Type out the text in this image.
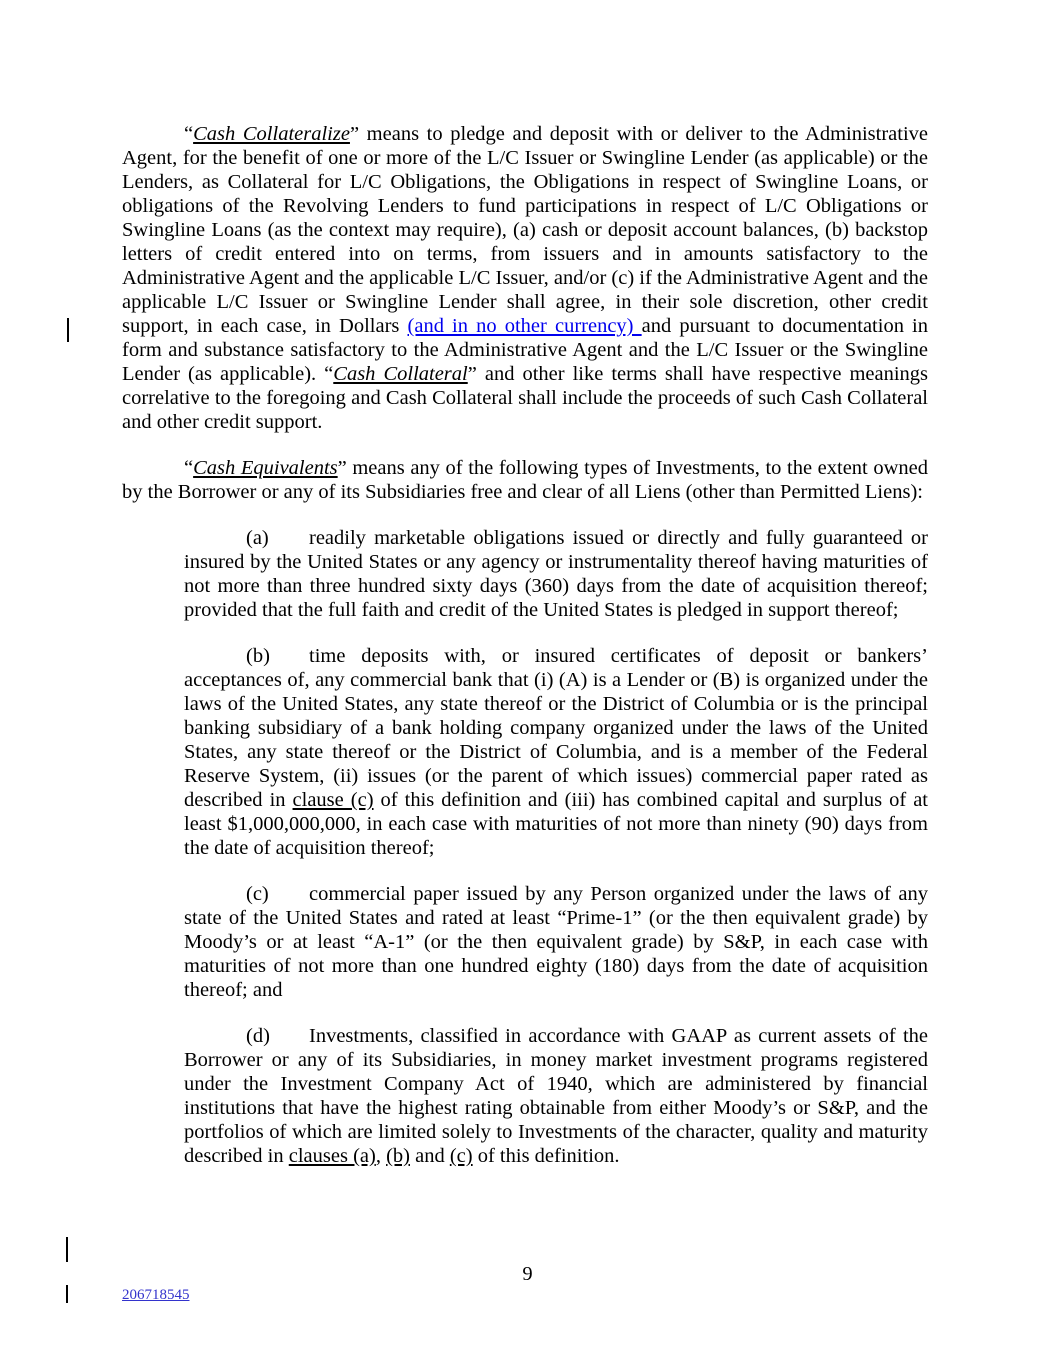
“Cash Collateralize” means to pledge and deposit with or deliver to the Administrative Agent, for the benefit of one or more of the L/C Issuer or Swingline Lender (as applicable) or the Lenders, as Collateral for L/C Obligations, the Obligations in respect of Swingline Loans, or obligations of the Revolving Lenders to fund participations in respect of L/C Obligations or Swingline Loans (as the context may require), (a) cash or deposit account balances, (b) backstop letters of credit entered into on terms, from issuers and in amounts satisfactory to the Administrative Agent and the applicable L/C Issuer, and/or (c) if the Administrative Agent and the applicable L/C Issuer or Swingline Lender shall agree, in their sole discretion, other credit support, in each case, in Dollars (and in no other currency) and pursuant to documentation in form and substance satisfactory to the Administrative Agent and the L/C Issuer or the Swingline Lender (as applicable). “Cash Collateral” and other like terms shall have respective meanings correlative to the foregoing and Cash Collateral shall include the proceeds of such Cash Collateral and other credit support.

“Cash Equivalents” means any of the following types of Investments, to the extent owned by the Borrower or any of its Subsidiaries free and clear of all Liens (other than Permitted Liens):

(a) readily marketable obligations issued or directly and fully guaranteed or insured by the United States or any agency or instrumentality thereof having maturities of not more than three hundred sixty days (360) days from the date of acquisition thereof; provided that the full faith and credit of the United States is pledged in support thereof;

(b) time deposits with, or insured certificates of deposit or bankers’ acceptances of, any commercial bank that (i) (A) is a Lender or (B) is organized under the laws of the United States, any state thereof or the District of Columbia or is the principal banking subsidiary of a bank holding company organized under the laws of the United States, any state thereof or the District of Columbia, and is a member of the Federal Reserve System, (ii) issues (or the parent of which issues) commercial paper rated as described in clause (c) of this definition and (iii) has combined capital and surplus of at least $1,000,000,000, in each case with maturities of not more than ninety (90) days from the date of acquisition thereof;

(c) commercial paper issued by any Person organized under the laws of any state of the United States and rated at least “Prime-1” (or the then equivalent grade) by Moody’s or at least “A-1” (or the then equivalent grade) by S&P, in each case with maturities of not more than one hundred eighty (180) days from the date of acquisition thereof; and

(d) Investments, classified in accordance with GAAP as current assets of the Borrower or any of its Subsidiaries, in money market investment programs registered under the Investment Company Act of 1940, which are administered by financial institutions that have the highest rating obtainable from either Moody’s or S&P, and the portfolios of which are limited solely to Investments of the character, quality and maturity described in clauses (a), (b) and (c) of this definition.

9
206718545
